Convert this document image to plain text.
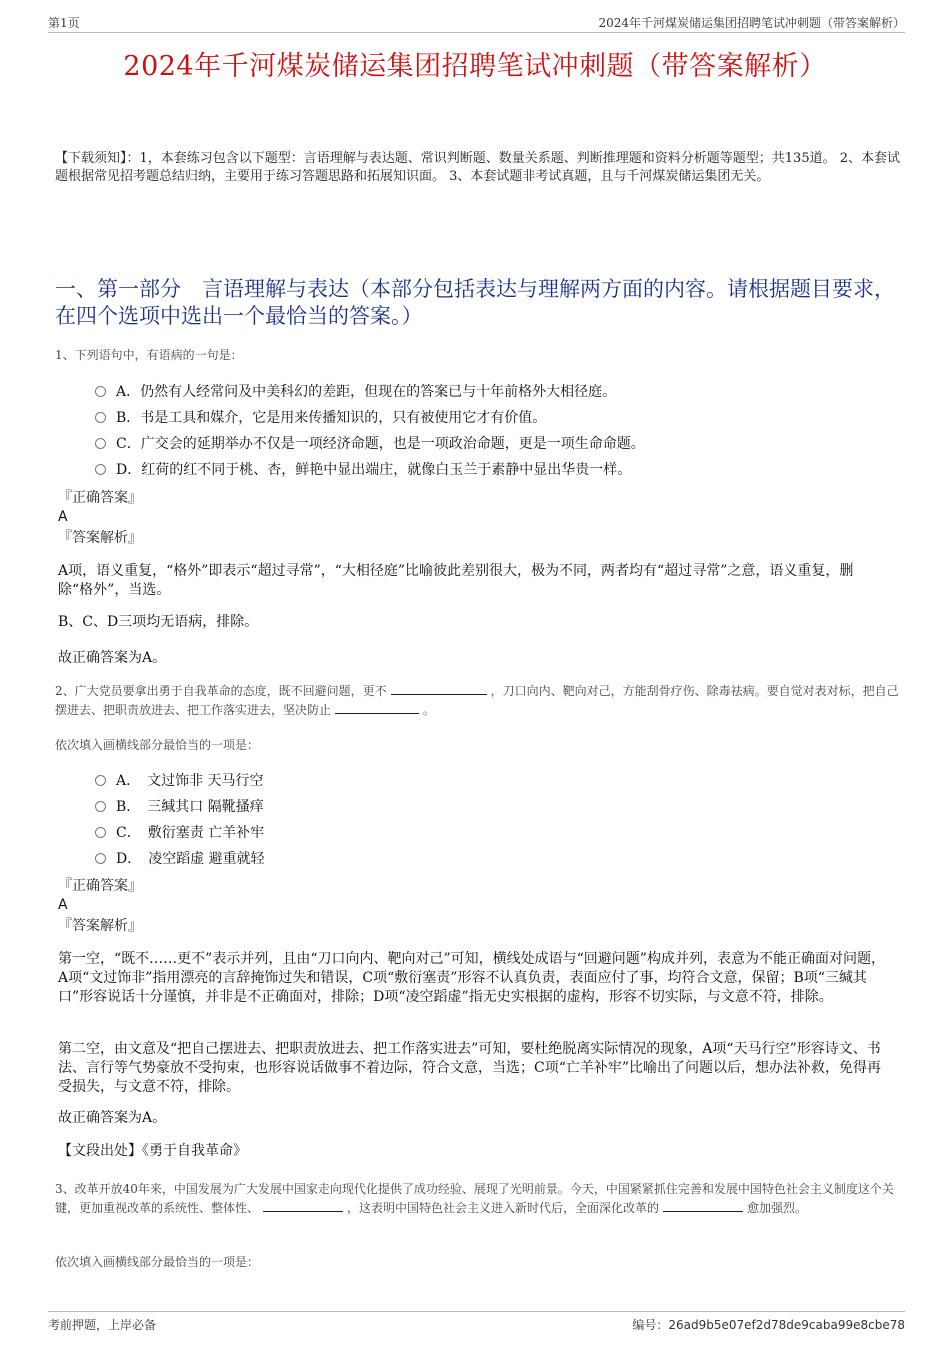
第1页	2024年千河煤炭储运集团招聘笔试冲刺题（带答案解析）
2024年千河煤炭储运集团招聘笔试冲刺题（带答案解析）
【下载须知】：1，本套练习包含以下题型：言语理解与表达题、常识判断题、数量关系题、判断推理题和资料分析题等题型；共135道。 2、本套试题根据常见招考题总结归纳，主要用于练习答题思路和拓展知识面。 3、本套试题非考试真题，且与千河煤炭储运集团无关。
一、第一部分　言语理解与表达（本部分包括表达与理解两方面的内容。请根据题目要求，在四个选项中选出一个最恰当的答案。）
1、下列语句中，有语病的一句是：
A．仍然有人经常问及中美科幻的差距，但现在的答案已与十年前格外大相径庭。
B．书是工具和媒介，它是用来传播知识的，只有被使用它才有价值。
C．广交会的延期举办不仅是一项经济命题，也是一项政治命题，更是一项生命命题。
D．红荷的红不同于桃、杏，鲜艳中显出端庄，就像白玉兰于素静中显出华贵一样。
『正确答案』
A
『答案解析』
A项，语义重复，“格外”即表示“超过寻常”，“大相径庭”比喻彼此差别很大，极为不同，两者均有“超过寻常”之意，语义重复，删除“格外”，当选。
B、C、D三项均无语病，排除。
故正确答案为A。
2、广大党员要拿出勇于自我革命的态度，既不回避问题，更不	，刀口向内、靶向对己，方能刮骨疗伤、除毒祛病。要自觉对表对标，把自己摆进去、把职责放进去、把工作落实进去，坚决防止	。
依次填入画横线部分最恰当的一项是：
A．　文过饰非 天马行空
B．　三缄其口 隔靴搔痒
C．　敷衍塞责 亡羊补牢
D．　凌空蹈虚 避重就轻
『正确答案』
A
『答案解析』
第一空，“既不……更不”表示并列，且由“刀口向内、靶向对己”可知，横线处成语与“回避问题”构成并列，表意为不能正确面对问题，A项“文过饰非”指用漂亮的言辞掩饰过失和错误，C项“敷衍塞责”形容不认真负责，表面应付了事，均符合文意，保留；B项“三缄其口”形容说话十分谨慎，并非是不正确面对，排除；D项“凌空蹈虚”指无史实根据的虚构，形容不切实际，与文意不符，排除。
第二空，由文意及“把自己摆进去、把职责放进去、把工作落实进去”可知，要杜绝脱离实际情况的现象，A项“天马行空”形容诗文、书法、言行等气势豪放不受拘束，也形容说话做事不着边际，符合文意，当选；C项“亡羊补牢”比喻出了问题以后，想办法补救，免得再受损失，与文意不符，排除。
故正确答案为A。
【文段出处】《勇于自我革命》
3、改革开放40年来，中国发展为广大发展中国家走向现代化提供了成功经验、展现了光明前景。今天，中国紧紧抓住完善和发展中国特色社会主义制度这个关键，更加重视改革的系统性、整体性、	，这表明中国特色社会主义进入新时代后，全面深化改革的	愈加强烈。
依次填入画横线部分最恰当的一项是：
考前押题，上岸必备	编号：26ad9b5e07ef2d78de9caba99e8cbe78
